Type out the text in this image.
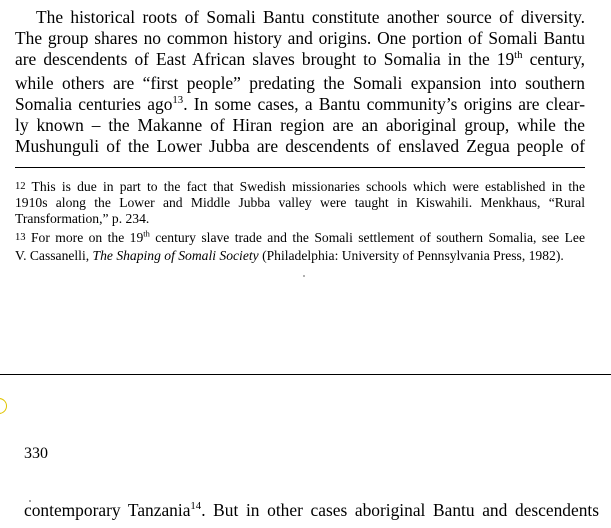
The historical roots of Somali Bantu constitute another source of diversity.
The group shares no common history and origins. One portion of Somali Bantu
are descendents of East African slaves brought to Somalia in the 19th century,
while others are “first people” predating the Somali expansion into southern
Somalia centuries ago$^{13}$. In some cases, a Bantu community’s origins are clear-
ly known – the Makanne of Hiran region are an aboriginal group, while the
Mushunguli of the Lower Jubba are descendents of enslaved Zegua people of
12 This is due in part to the fact that Swedish missionaries schools which were established in the
1910s along the Lower and Middle Jubba valley were taught in Kiswahili. Menkhaus, “Rural
Transformation,” p. 234.
13 For more on the 19th century slave trade and the Somali settlement of southern Somalia, see Lee
V. Cassanelli, The Shaping of Somali Society (Philadelphia: University of Pennsylvania Press, 1982).
330
contemporary Tanzania$^{14}$. But in other cases aboriginal Bantu and descendents
